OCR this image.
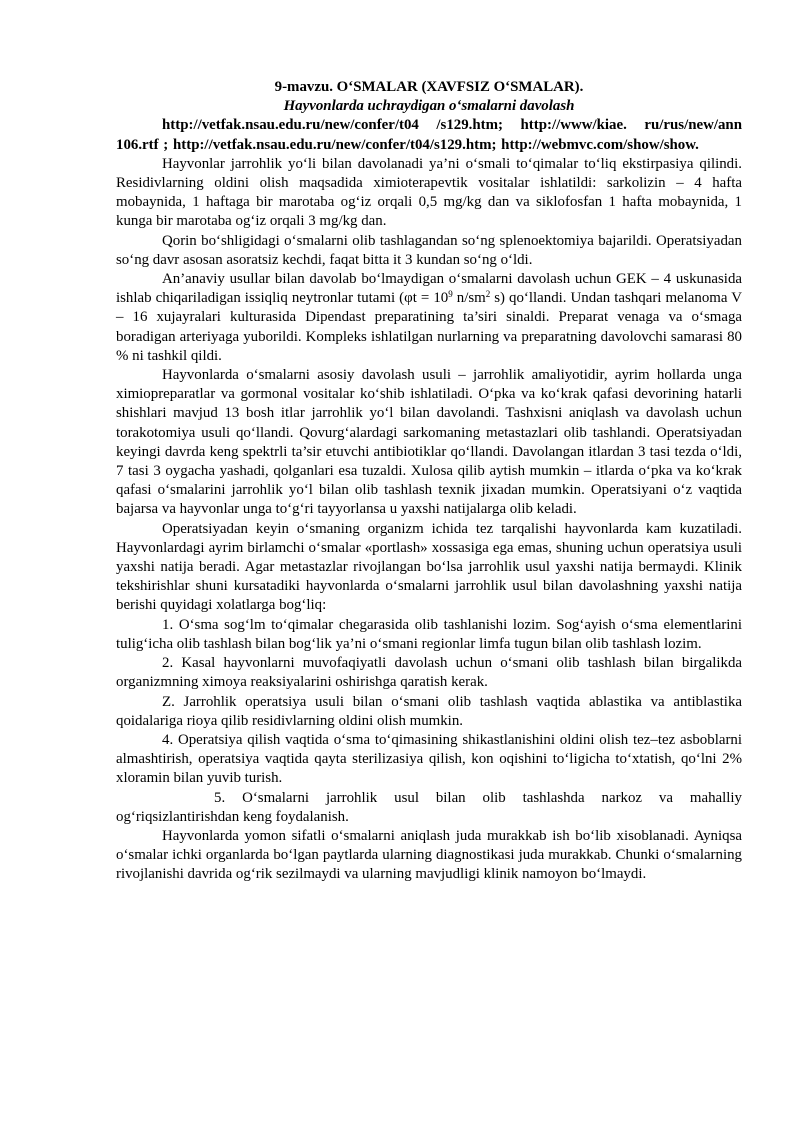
9-mavzu. O‘SMALAR (XAVFSIZ O‘SMALAR).
Hayvonlarda uchraydigan o‘smalarni davolash
http://vetfak.nsau.edu.ru/new/confer/t04 /s129.htm; http://www/kiae. ru/rus/new/ann 106.rtf ; http://vetfak.nsau.edu.ru/new/confer/t04/s129.htm; http://webmvc.com/show/show.

Hayvonlar jarrohlik yo‘li bilan davolanadi ya’ni o‘smali to‘qimalar to‘liq ekstirpasiya qilindi. Residivlarning oldini olish maqsadida ximioterapevtik vositalar ishlatildi: sarkolizin – 4 hafta mobaynida, 1 haftaga bir marotaba og‘iz orqali 0,5 mg/kg dan va siklofosfan 1 hafta mobaynida, 1 kunga bir marotaba og‘iz orqali 3 mg/kg dan.

Qorin bo‘shligidagi o‘smalarni olib tashlagandan so‘ng splenoektomiya bajarildi. Operatsiyadan so‘ng davr asosan asoratsiz kechdi, faqat bitta it 3 kundan so‘ng o‘ldi.

An’anaviy usullar bilan davolab bo‘lmaydigan o‘smalarni davolash uchun GEK – 4 uskunasida ishlab chiqariladigan issiqliq neytronlar tutami ($\varphi t = 10^9$ $n/sm^2$ s) qo‘llandi. Undan tashqari melanoma V – 16 xujayralari kulturasida Dipendast preparatining ta’siri sinaldi. Preparat venaga va o‘smaga boradigan arteriyaga yuborildi. Kompleks ishlatilgan nurlarning va preparatning davolovchi samarasi 80 % ni tashkil qildi.

Hayvonlarda o‘smalarni asosiy davolash usuli – jarrohlik amaliyotidir, ayrim hollarda unga ximiopreparatlar va gormonal vositalar ko‘shib ishlatiladi. O‘pka va ko‘krak qafasi devorining hatarli shishlari mavjud 13 bosh itlar jarrohlik yo‘l bilan davolandi. Tashxisni aniqlash va davolash uchun torakotomiya usuli qo‘llandi. Qovurg‘alardagi sarkomaning metastazlari olib tashlandi. Operatsiyadan keyingi davrda keng spektrli ta’sir etuvchi antibiotiklar qo‘llandi. Davolangan itlardan 3 tasi tezda o‘ldi, 7 tasi 3 oygacha yashadi, qolganlari esa tuzaldi. Xulosa qilib aytish mumkin – itlarda o‘pka va ko‘krak qafasi o‘smalarini jarrohlik yo‘l bilan olib tashlash texnik jixadan mumkin. Operatsiyani o‘z vaqtida bajarsa va hayvonlar unga to‘g‘ri tayyorlansa u yaxshi natijalarga olib keladi.

Operatsiyadan keyin o‘smaning organizm ichida tez tarqalishi hayvonlarda kam kuzatiladi. Hayvonlardagi ayrim birlamchi o‘smalar «portlash» xossasiga ega emas, shuning uchun operatsiya usuli yaxshi natija beradi. Agar metastazlar rivojlangan bo‘lsa jarrohlik usul yaxshi natija bermaydi. Klinik tekshirishlar shuni kursatadiki hayvonlarda o‘smalarni jarrohlik usul bilan davolashning yaxshi natija berishi quyidagi xolatlarga bog‘liq:

1. O‘sma sog‘lm to‘qimalar chegarasida olib tashlanishi lozim. Sog‘ayish o‘sma elementlarini tulig‘icha olib tashlash bilan bog‘lik ya’ni o‘smani regionlar limfa tugun bilan olib tashlash lozim.

2. Kasal hayvonlarni muvofaqiyatli davolash uchun o‘smani olib tashlash bilan birgalikda organizmning ximoya reaksiyalarini oshirishga qaratish kerak.

Z. Jarrohlik operatsiya usuli bilan o‘smani olib tashlash vaqtida ablastika va antiblastika qoidalariga rioya qilib residivlarning oldini olish mumkin.

4. Operatsiya qilish vaqtida o‘sma to‘qimasining shikastlanishini oldini olish tez–tez asboblarni almashtirish, operatsiya vaqtida qayta sterilizasiya qilish, kon oqishini to‘ligicha to‘xtatish, qo‘lni 2% xloramin bilan yuvib turish.

5. O‘smalarni jarrohlik usul bilan olib tashlashda narkoz va mahalliy og‘riqsizlantirishdan keng foydalanish.

Hayvonlarda yomon sifatli o‘smalarni aniqlash juda murakkab ish bo‘lib xisoblanadi. Ayniqsa o‘smalar ichki organlarda bo‘lgan paytlarda ularning diagnostikasi juda murakkab. Chunki o‘smalarning rivojlanishi davrida og‘rik sezilmaydi va ularning mavjudligi klinik namoyon bo‘lmaydi.
